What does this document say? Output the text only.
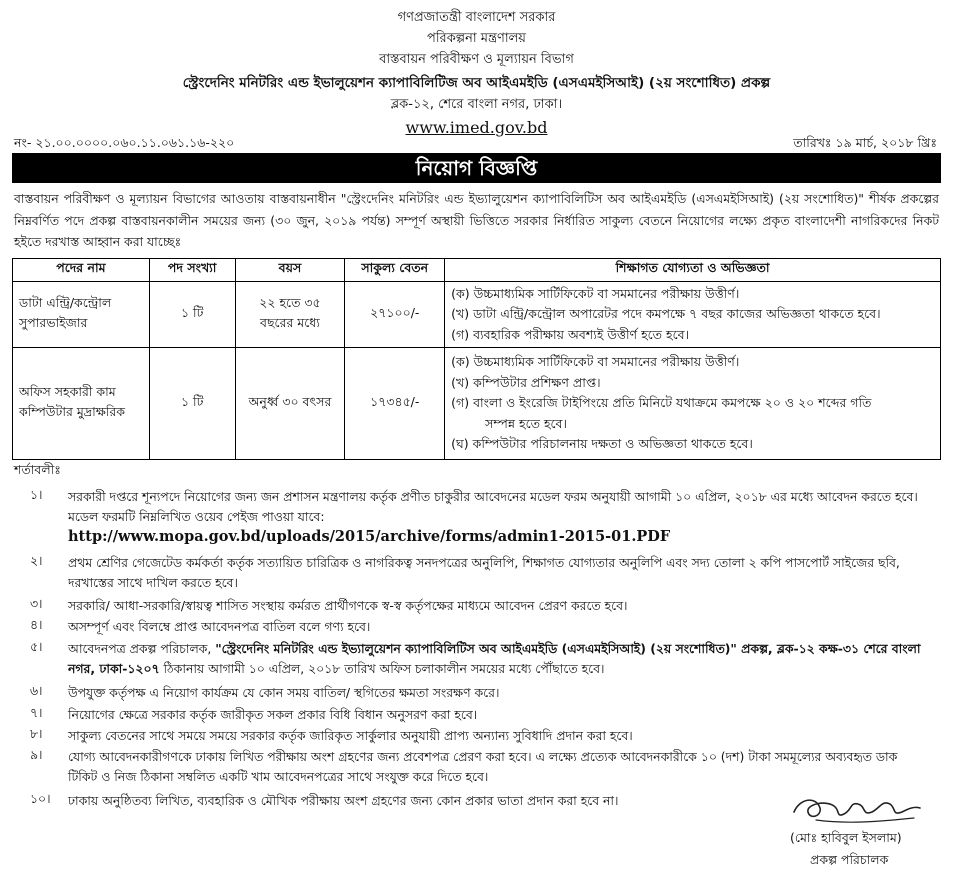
গণপ্রজাতন্ত্রী বাংলাদেশ সরকার
পরিকল্পনা মন্ত্রণালয়
বাস্তবায়ন পরিবীক্ষণ ও মূল্যায়ন বিভাগ
স্ট্রেংদেনিং মনিটরিং এন্ড ইভালুয়েশন ক্যাপাবিলিটিজ অব আইএমইডি (এসএমইসিআই) (২য় সংশোধিত) প্রকল্প
ব্লক-১২, শেরে বাংলা নগর, ঢাকা।
www.imed.gov.bd
নং- ২১.০০.০০০০.০৬০.১১.০৬১.১৬-২২০	তারিখঃ ১৯ মার্চ, ২০১৮ খ্রিঃ
নিয়োগ বিজ্ঞপ্তি
বাস্তবায়ন পরিবীক্ষণ ও মূল্যায়ন বিভাগের আওতায় বাস্তবায়নাধীন "স্ট্রেংদেনিং মনিটরিং এন্ড ইভ্যালুয়েশন ক্যাপাবিলিটিস অব আইএমইডি (এসএমইসিআই) (২য় সংশোধিত)" শীর্ষক প্রকল্পের নিম্নবর্ণিত পদে প্রকল্প বাস্তবায়নকালীন সময়ের জন্য (৩০ জুন, ২০১৯ পর্যন্ত) সম্পূর্ণ অস্থায়ী ভিত্তিতে সরকার নির্ধারিত সাকুল্য বেতনে নিয়োগের লক্ষ্যে প্রকৃত বাংলাদেশী নাগরিকদের নিকট হইতে দরখাস্ত আহ্বান করা যাচ্ছেঃ
পদের নাম	পদ সংখ্যা	বয়স	সাকুল্য বেতন	শিক্ষাগত যোগ্যতা ও অভিজ্ঞতা
ডাটা এন্ট্রি/কন্ট্রোল সুপারভাইজার	১ টি	২২ হতে ৩৫ বছরের মধ্যে	২৭১০০/-	(ক) উচ্চমাধ্যমিক সার্টিফিকেট বা সমমানের পরীক্ষায় উত্তীর্ণ।
(খ) ডাটা এন্ট্রি/কন্ট্রোল অপারেটর পদে কমপক্ষে ৭ বছর কাজের অভিজ্ঞতা থাকতে হবে।
(গ) ব্যবহারিক পরীক্ষায় অবশ্যই উত্তীর্ণ হতে হবে।

অফিস সহকারী কাম কম্পিউটার মুদ্রাক্ষরিক	১ টি	অনুর্ধ্ব ৩০ বৎসর	১৭৩৪৫/-	(ক) উচ্চমাধ্যমিক সার্টিফিকেট বা সমমানের পরীক্ষায় উত্তীর্ণ।
(খ) কম্পিউটার প্রশিক্ষণ প্রাপ্ত।
(গ) বাংলা ও ইংরেজি টাইপিংয়ে প্রতি মিনিটে যথাক্রমে কমপক্ষে ২০ ও ২০ শব্দের গতি
সম্পন্ন হতে হবে।
(ঘ) কম্পিউটার পরিচালনায় দক্ষতা ও অভিজ্ঞতা থাকতে হবে।
শর্তাবলীঃ
১।	সরকারী দপ্তরে শূন্যপদে নিয়োগের জন্য জন প্রশাসন মন্ত্রণালয় কর্তৃক প্রণীত চাকুরীর আবেদনের মডেল ফরম অনুযায়ী আগামী ১০ এপ্রিল, ২০১৮ এর মধ্যে আবেদন করতে হবে। মডেল ফরমটি নিম্নলিখিত ওয়েব পেইজ পাওয়া যাবে:
http://www.mopa.gov.bd/uploads/2015/archive/forms/admin1-2015-01.PDF
২।	প্রথম শ্রেণির গেজেটেড কর্মকর্তা কর্তৃক সত্যায়িত চারিত্রিক ও নাগরিকত্ব সনদপত্রের অনুলিপি, শিক্ষাগত যোগ্যতার অনুলিপি এবং সদ্য তোলা ২ কপি পাসপোর্ট সাইজের ছবি, দরখাস্তের সাথে দাখিল করতে হবে।
৩।	সরকারি/ আধা-সরকারি/স্বায়ত্ব শাসিত সংস্থায় কর্মরত প্রার্থীগণকে স্ব-স্ব কর্তৃপক্ষের মাধ্যমে আবেদন প্রেরণ করতে হবে।
৪।	অসম্পূর্ণ এবং বিলম্বে প্রাপ্ত আবেদনপত্র বাতিল বলে গণ্য হবে।
৫।	আবেদনপত্র প্রকল্প পরিচালক, "স্ট্রেংদেনিং মনিটরিং এন্ড ইভ্যালুয়েশন ক্যাপাবিলিটিস অব আইএমইডি (এসএমইসিআই) (২য় সংশোধিত)" প্রকল্প, ব্লক-১২ কক্ষ-৩১ শেরে বাংলা নগর, ঢাকা-১২০৭ ঠিকানায় আগামী ১০ এপ্রিল, ২০১৮ তারিখ অফিস চলাকালীন সময়ের মধ্যে পৌঁছাতে হবে।
৬।	উপযুক্ত কর্তৃপক্ষ এ নিয়োগ কার্যক্রম যে কোন সময় বাতিল/ স্থগিতের ক্ষমতা সংরক্ষণ করে।
৭।	নিয়োগের ক্ষেত্রে সরকার কর্তৃক জারীকৃত সকল প্রকার বিধি বিধান অনুসরণ করা হবে।
৮।	সাকুল্য বেতনের সাথে সময়ে সময়ে সরকার কর্তৃক জারিকৃত সার্কুলার অনুযায়ী প্রাপ্য অন্যান্য সুবিধাদি প্রদান করা হবে।
৯।	যোগ্য আবেদনকারীগণকে ঢাকায় লিখিত পরীক্ষায় অংশ গ্রহণের জন্য প্রবেশপত্র প্রেরণ করা হবে। এ লক্ষ্যে প্রত্যেক আবেদনকারীকে ১০ (দশ) টাকা সমমূল্যের অব্যবহৃত ডাক টিকিট ও নিজ ঠিকানা সম্বলিত একটি খাম আবেদনপত্রের সাথে সংযুক্ত করে দিতে হবে।
১০।	ঢাকায় অনুষ্ঠিতব্য লিখিত, ব্যবহারিক ও মৌখিক পরীক্ষায় অংশ গ্রহণের জন্য কোন প্রকার ভাতা প্রদান করা হবে না।
(মোঃ হাবিবুল ইসলাম)
প্রকল্প পরিচালক
